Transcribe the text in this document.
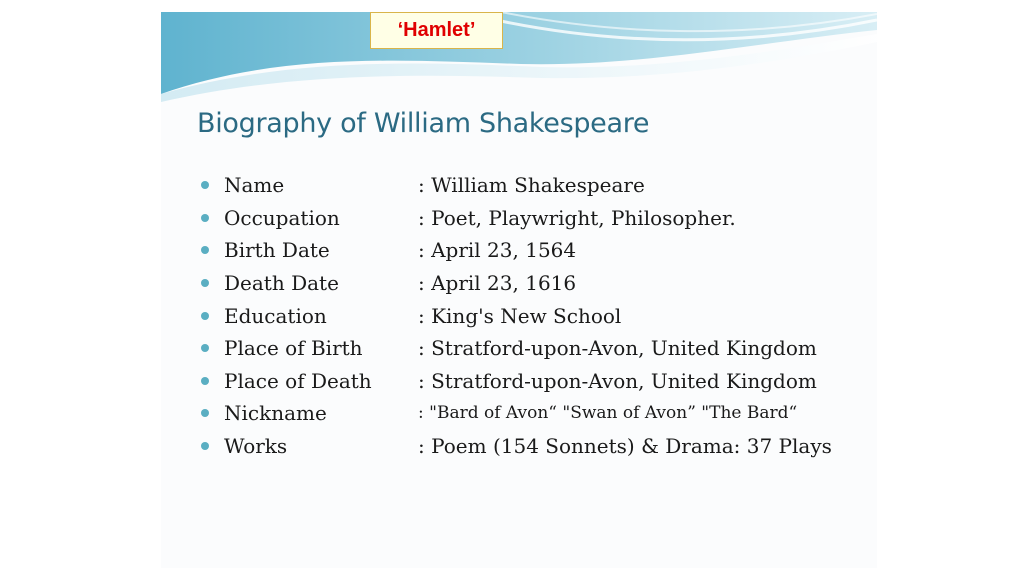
Biography of William Shakespeare
Name	: William Shakespeare
Occupation	: Poet, Playwright, Philosopher.
Birth Date	: April 23, 1564
Death Date	: April 23, 1616
Education	: King's New School
Place of Birth	: Stratford-upon-Avon, United Kingdom
Place of Death	: Stratford-upon-Avon, United Kingdom
Nickname	: "Bard of Avon“ "Swan of Avon” "The Bard“
Works	: Poem (154 Sonnets) & Drama: 37 Plays
‘Hamlet’
